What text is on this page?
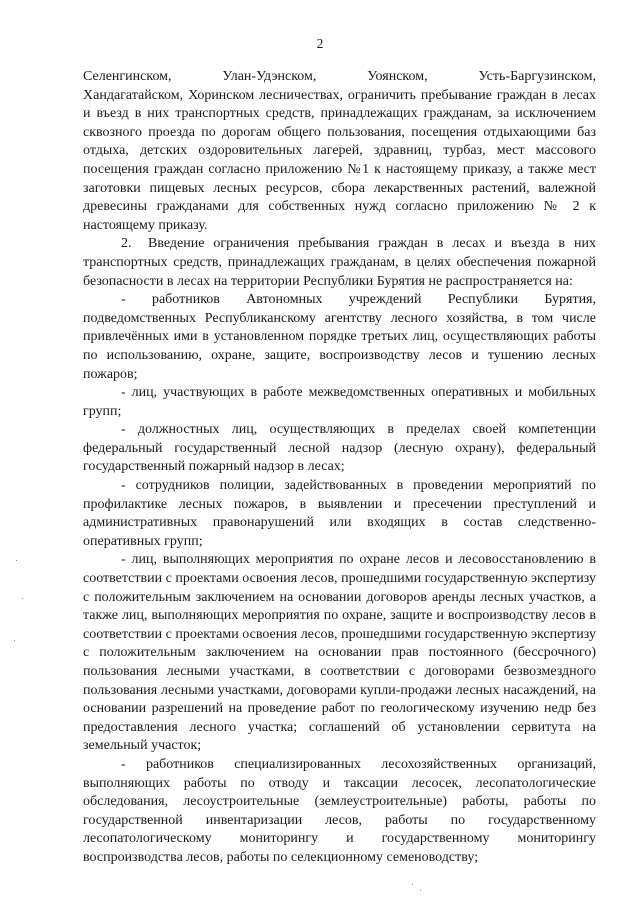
2
Селенгинском,	Улан-Удэнском,	Уоянском,	Усть-Баргузинском,

Хандагатайском, Хоринском лесничествах, ограничить пребывание граждан в лесах и въезд в них транспортных средств, принадлежащих гражданам, за исключением сквозного проезда по дорогам общего пользования, посещения отдыхающими баз отдыха, детских оздоровительных лагерей, здравниц, турбаз, мест массового посещения граждан согласно приложению №1 к настоящему приказу, а также мест заготовки пищевых лесных ресурсов, сбора лекарственных растений, валежной древесины гражданами для собственных нужд согласно приложению № 2 к настоящему приказу.

2. Введение ограничения пребывания граждан в лесах и въезда в них транспортных средств, принадлежащих гражданам, в целях обеспечения пожарной безопасности в лесах на территории Республики Бурятия не распространяется на:

- работников Автономных учреждений Республики Бурятия, подведомственных Республиканскому агентству лесного хозяйства, в том числе привлечённых ими в установленном порядке третьих лиц, осуществляющих работы по использованию, охране, защите, воспроизводству лесов и тушению лесных пожаров;

- лиц, участвующих в работе межведомственных оперативных и мобильных групп;

- должностных лиц, осуществляющих в пределах своей компетенции федеральный государственный лесной надзор (лесную охрану), федеральный государственный пожарный надзор в лесах;

- сотрудников полиции, задействованных в проведении мероприятий по профилактике лесных пожаров, в выявлении и пресечении преступлений и административных правонарушений или входящих в состав следственно-оперативных групп;

- лиц, выполняющих мероприятия по охране лесов и лесовосстановлению в соответствии с проектами освоения лесов, прошедшими государственную экспертизу с положительным заключением на основании договоров аренды лесных участков, а также лиц, выполняющих мероприятия по охране, защите и воспроизводству лесов в соответствии с проектами освоения лесов, прошедшими государственную экспертизу с положительным заключением на основании прав постоянного (бессрочного) пользования лесными участками, в соответствии с договорами безвозмездного пользования лесными участками, договорами купли-продажи лесных насаждений, на основании разрешений на проведение работ по геологическому изучению недр без предоставления лесного участка; соглашений об установлении сервитута на земельный участок;

- работников специализированных лесохозяйственных организаций, выполняющих работы по отводу и таксации лесосек, лесопатологические обследования, лесоустроительные (землеустроительные) работы, работы по государственной инвентаризации лесов, работы по государственному лесопатологическому мониторингу и государственному мониторингу воспроизводства лесов, работы по селекционному семеноводству;
